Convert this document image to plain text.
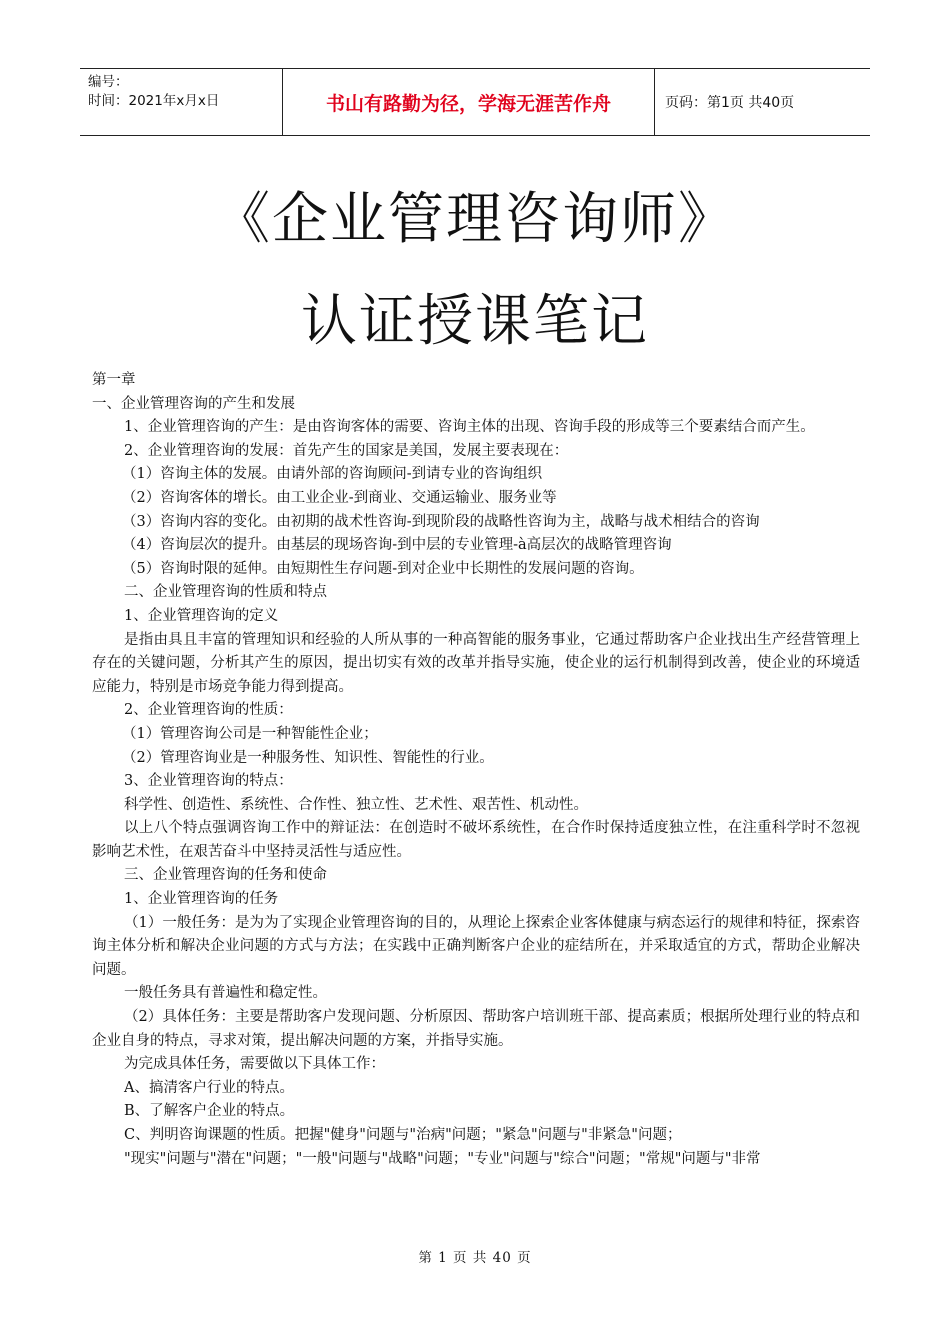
编号：
时间：2021年x月x日	书山有路勤为径，学海无涯苦作舟	页码：第1页 共40页
《企业管理咨询师》
认证授课笔记

第一章

一、企业管理咨询的产生和发展

1、企业管理咨询的产生：是由咨询客体的需要、咨询主体的出现、咨询手段的形成等三个要素结合而产生。

2、企业管理咨询的发展：首先产生的国家是美国，发展主要表现在：

（1）咨询主体的发展。由请外部的咨询顾问-到请专业的咨询组织

（2）咨询客体的增长。由工业企业-到商业、交通运输业、服务业等

（3）咨询内容的变化。由初期的战术性咨询-到现阶段的战略性咨询为主，战略与战术相结合的咨询

（4）咨询层次的提升。由基层的现场咨询-到中层的专业管理-à高层次的战略管理咨询

（5）咨询时限的延伸。由短期性生存问题-到对企业中长期性的发展问题的咨询。

二、企业管理咨询的性质和特点

1、企业管理咨询的定义

是指由具且丰富的管理知识和经验的人所从事的一种高智能的服务事业，它通过帮助客户企业找出生产经营管理上存在的关键问题，分析其产生的原因，提出切实有效的改革并指导实施，使企业的运行机制得到改善，使企业的环境适应能力，特别是市场竞争能力得到提高。

2、企业管理咨询的性质：

（1）管理咨询公司是一种智能性企业；

（2）管理咨询业是一种服务性、知识性、智能性的行业。

3、企业管理咨询的特点：

科学性、创造性、系统性、合作性、独立性、艺术性、艰苦性、机动性。

以上八个特点强调咨询工作中的辩证法：在创造时不破坏系统性，在合作时保持适度独立性，在注重科学时不忽视影响艺术性，在艰苦奋斗中坚持灵活性与适应性。

三、企业管理咨询的任务和使命

1、企业管理咨询的任务

（1）一般任务：是为为了实现企业管理咨询的目的，从理论上探索企业客体健康与病态运行的规律和特征，探索咨询主体分析和解决企业问题的方式与方法；在实践中正确判断客户企业的症结所在，并采取适宜的方式，帮助企业解决问题。

一般任务具有普遍性和稳定性。

（2）具体任务：主要是帮助客户发现问题、分析原因、帮助客户培训班干部、提高素质；根据所处理行业的特点和企业自身的特点，寻求对策，提出解决问题的方案，并指导实施。

为完成具体任务，需要做以下具体工作：

A、搞清客户行业的特点。

B、了解客户企业的特点。

C、判明咨询课题的性质。把握"健身"问题与"治病"问题；"紧急"问题与"非紧急"问题；

"现实"问题与"潜在"问题；"一般"问题与"战略"问题；"专业"问题与"综合"问题；"常规"问题与"非常

第 1 页 共 40 页
